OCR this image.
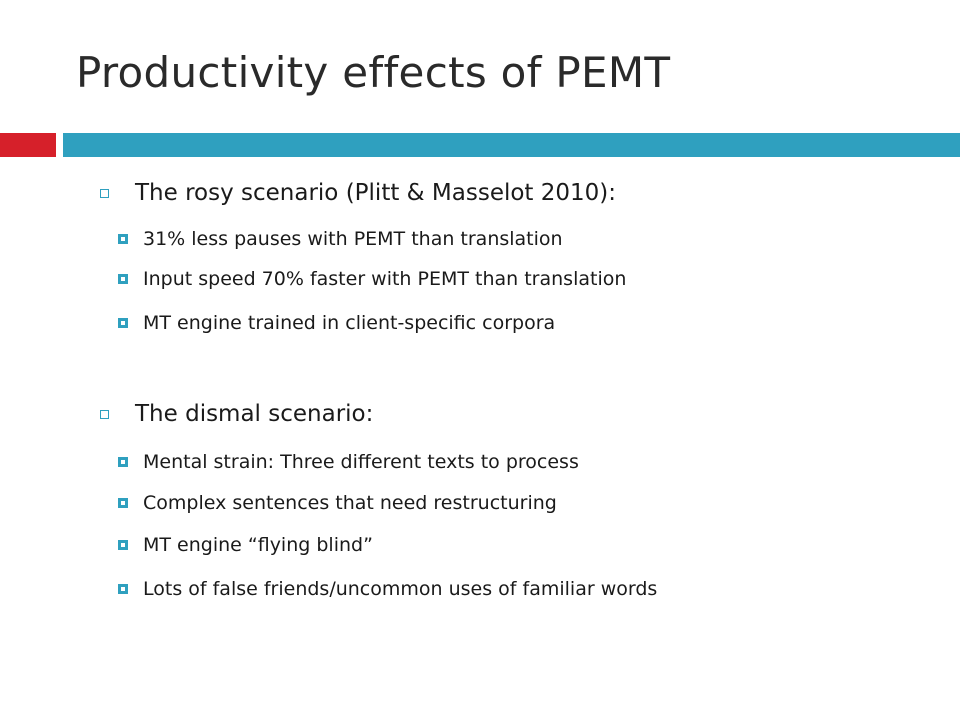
Productivity effects of PEMT
The rosy scenario (Plitt & Masselot 2010):
31% less pauses with PEMT than translation
Input speed 70% faster with PEMT than translation
MT engine trained in client-specific corpora
The dismal scenario:
Mental strain: Three different texts to process
Complex sentences that need restructuring
MT engine “flying blind”
Lots of false friends/uncommon uses of familiar words
